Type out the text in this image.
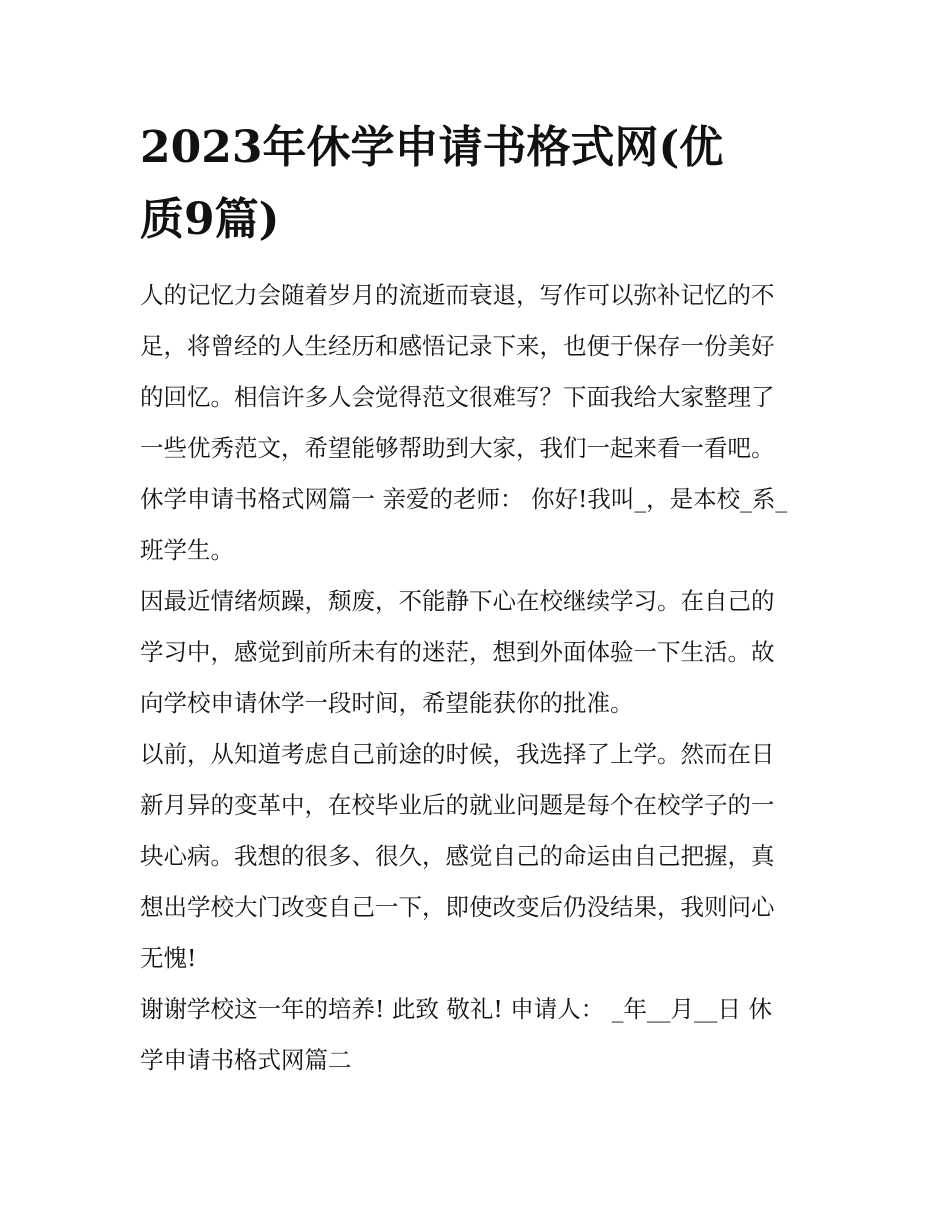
2023年休学申请书格式网(优
质9篇)

人的记忆力会随着岁月的流逝而衰退，写作可以弥补记忆的不
足，将曾经的人生经历和感悟记录下来，也便于保存一份美好
的回忆。相信许多人会觉得范文很难写？下面我给大家整理了
一些优秀范文，希望能够帮助到大家，我们一起来看一看吧。

休学申请书格式网篇一 亲爱的老师： 你好!我叫_，是本校_系_
班学生。

因最近情绪烦躁，颓废，不能静下心在校继续学习。在自己的
学习中，感觉到前所未有的迷茫，想到外面体验一下生活。故
向学校申请休学一段时间，希望能获你的批准。

以前，从知道考虑自己前途的时候，我选择了上学。然而在日
新月异的变革中，在校毕业后的就业问题是每个在校学子的一
块心病。我想的很多、很久，感觉自己的命运由自己把握，真
想出学校大门改变自己一下，即使改变后仍没结果，我则问心
无愧!

谢谢学校这一年的培养! 此致 敬礼! 申请人： _年__月__日 休
学申请书格式网篇二
